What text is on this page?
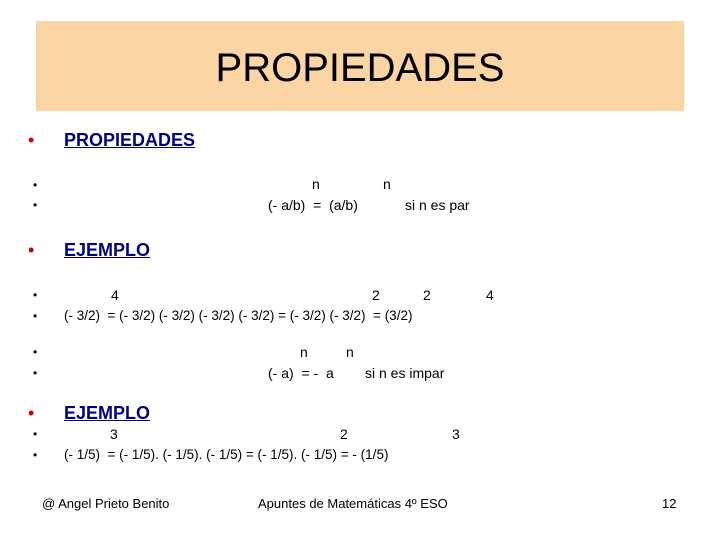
PROPIEDADES
• PROPIEDADES
•
•
n	n
(- a/b)  =  (a/b)	si n es par
• EJEMPLO
•
•
4	2	2	4
(- 3/2)  = (- 3/2) (- 3/2) (- 3/2) (- 3/2) = (- 3/2) (- 3/2)  = (3/2)
•
•
n	n
(- a)  = -  a si n es impar
• EJEMPLO
•
•
3	2	3
(- 1/5)  = (- 1/5). (- 1/5). (- 1/5) = (- 1/5). (- 1/5) = - (1/5)
@ Angel Prieto Benito	Apuntes de Matemáticas 4º ESO	12
